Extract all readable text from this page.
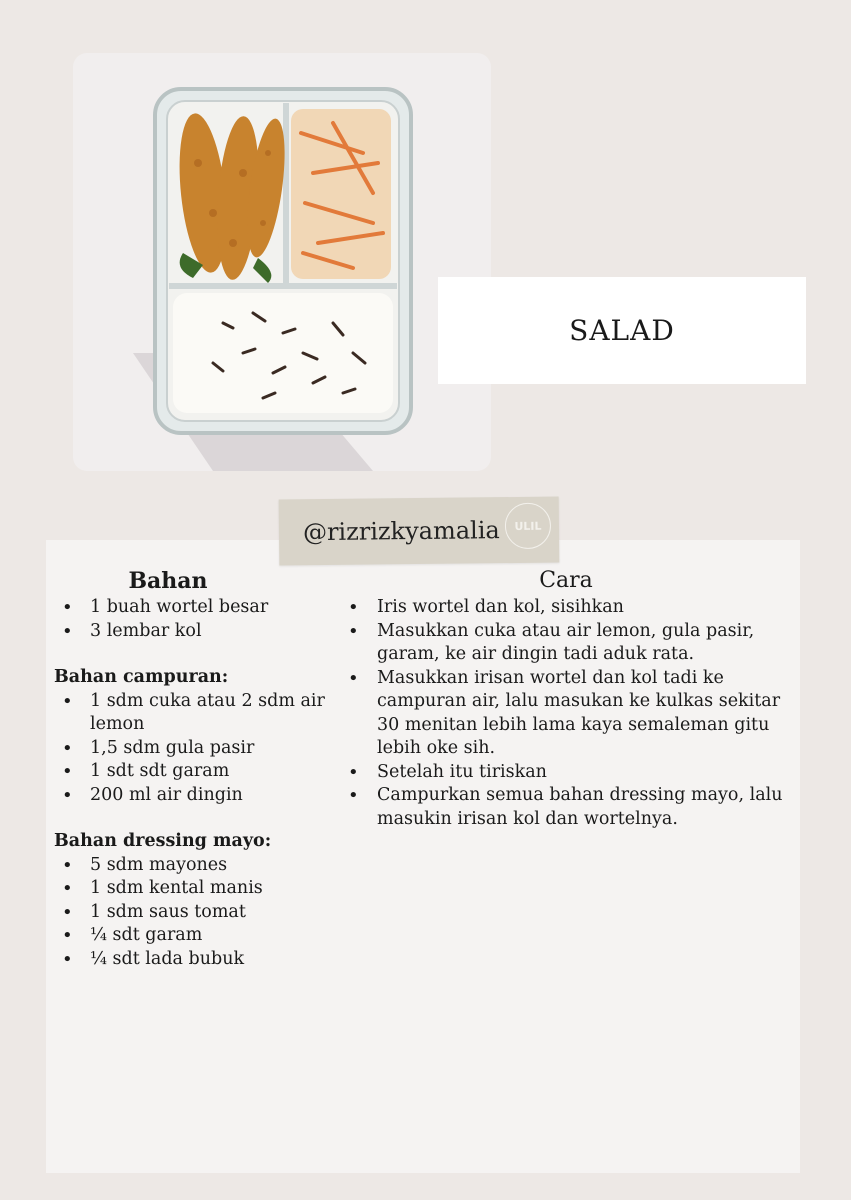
SALAD
@rizrizkyamalia	ULIL
Bahan
• 1 buah wortel besar
• 3 lembar kol
Bahan campuran:
• 1 sdm cuka atau 2 sdm air lemon
• 1,5 sdm gula pasir
• 1 sdt sdt garam
• 200 ml air dingin
Bahan dressing mayo:
• 5 sdm mayones
• 1 sdm kental manis
• 1 sdm saus tomat
• ¼ sdt garam
• ¼ sdt lada bubuk
Cara
• Iris wortel dan kol, sisihkan
• Masukkan cuka atau air lemon, gula pasir, garam, ke air dingin tadi aduk rata.
• Masukkan irisan wortel dan kol tadi ke campuran air, lalu masukan ke kulkas sekitar 30 menitan lebih lama kaya semaleman gitu lebih oke sih.
• Setelah itu tiriskan
• Campurkan semua bahan dressing mayo, lalu masukin irisan kol dan wortelnya.
